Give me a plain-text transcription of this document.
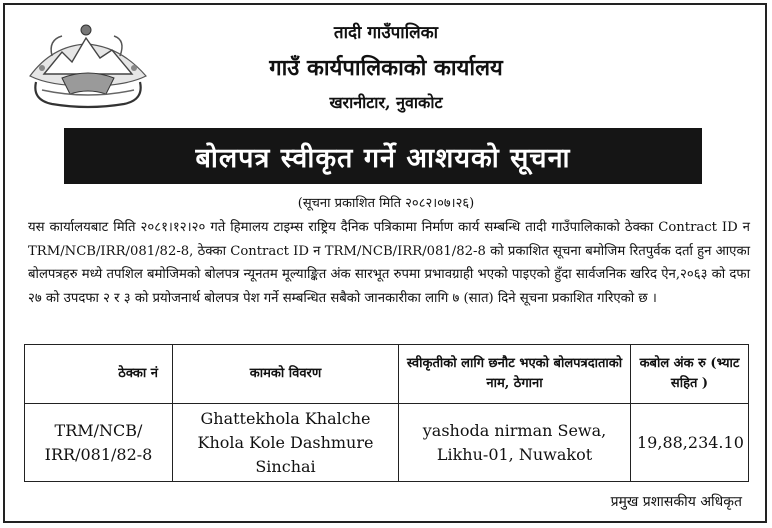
तादी गाउँपालिका
गाउँ कार्यपालिकाको कार्यालय
खरानीटार, नुवाकोट
बोलपत्र स्वीकृत गर्ने आशयको सूचना
(सूचना प्रकाशित मिति २०८२।०७।२६)
यस कार्यालयबाट मिति २०८१।१२।२० गते हिमालय टाइम्स राष्ट्रिय दैनिक पत्रिकामा निर्माण कार्य सम्बन्धि तादी गाउँपालिकाको ठेक्का Contract ID न TRM/NCB/IRR/081/82-8, ठेक्का Contract ID न TRM/NCB/IRR/081/82-8 को प्रकाशित सूचना बमोजिम रितपुर्वक दर्ता हुन आएका बोलपत्रहरु मध्ये तपशिल बमोजिमको बोलपत्र न्यूनतम मूल्याङ्कित अंक सारभूत रुपमा प्रभावग्राही भएको पाइएको हुँदा सार्वजनिक खरिद ऐन,२०६३ को दफा २७ को उपदफा २ र ३ को प्रयोजनार्थ बोलपत्र पेश गर्ने सम्बन्धित सबैको जानकारीका लागि ७ (सात) दिने सूचना प्रकाशित गरिएको छ ।
ठेक्का नं	कामको विवरण	स्वीकृतीको लागि छनौट भएको बोलपत्रदाताको नाम, ठेगाना	कबोल अंक रु (भ्याट सहित )
TRM/NCB/ IRR/081/82-8	Ghattekhola Khalche Khola Kole Dashmure Sinchai	yashoda nirman Sewa, Likhu-01, Nuwakot	19,88,234.10
प्रमुख प्रशासकीय अधिकृत
